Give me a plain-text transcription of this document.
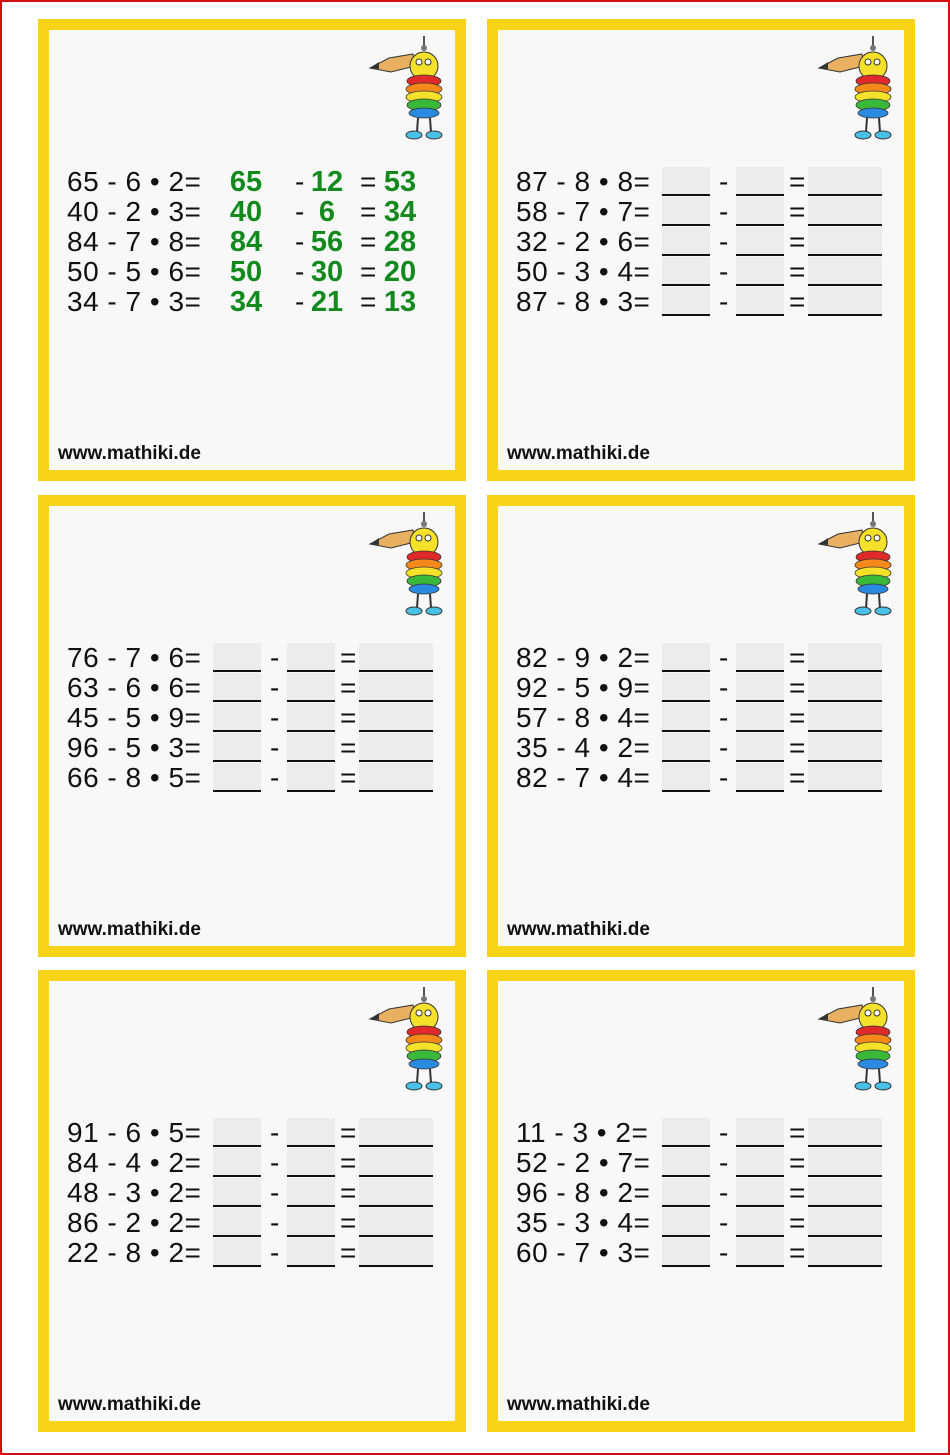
65 - 6 • 2= 65	- 12 = 53
40 - 2 • 3= 40	- 6 = 34
84 - 7 • 8= 84	- 56 = 28
50 - 5 • 6= 50	- 30 = 20
34 - 7 • 3= 34	- 21 = 13
www.mathiki.de
87 - 8 • 8= - =
58 - 7 • 7= - =
32 - 2 • 6= - =
50 - 3 • 4= - =
87 - 8 • 3= - =
www.mathiki.de
76 - 7 • 6= - =
63 - 6 • 6= - =
45 - 5 • 9= - =
96 - 5 • 3= - =
66 - 8 • 5= - =
www.mathiki.de
82 - 9 • 2= - =
92 - 5 • 9= - =
57 - 8 • 4= - =
35 - 4 • 2= - =
82 - 7 • 4= - =
www.mathiki.de
91 - 6 • 5= - =
84 - 4 • 2= - =
48 - 3 • 2= - =
86 - 2 • 2= - =
22 - 8 • 2= - =
www.mathiki.de
11 - 3 • 2=	- =
52 - 2 • 7= - =
96 - 8 • 2= - =
35 - 3 • 4= - =
60 - 7 • 3= - =
www.mathiki.de
